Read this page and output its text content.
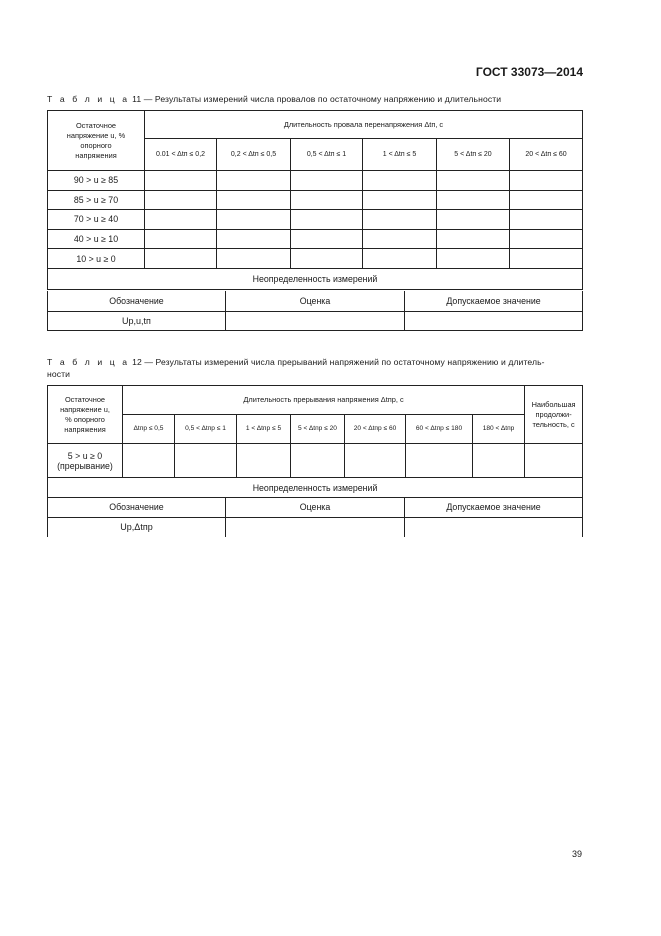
ГОСТ 33073—2014
Т а б л и ц а 11 — Результаты измерений числа провалов по остаточному напряжению и длительности
Остаточное
напряжение u, %
опорного
напряжения	Длительность провала перенапряжения Δtп, с					
	0.01 < Δtп ≤ 0,2	0,2 < Δtп ≤ 0,5	0,5 < Δtп ≤ 1	1 < Δtп ≤ 5	5 < Δtп ≤ 20	20 < Δtп ≤ 60
90 > u ≥ 85						
85 > u ≥ 70						
70 > u ≥ 40						
40 > u ≥ 10						
10 > u ≥ 0						
Неопределенность измерений						
Обозначение	Оценка	Допускаемое значение
Up,u,tп		
Т а б л и ц а 12 — Результаты измерений числа прерываний напряжений по остаточному напряжению и длитель-
ности
Остаточное
напряжение u,
% опорного
напряжения	Длительность прерывания напряжения Δtпр, с							Наибольшая
продолжи-
тельность, с
	Δtпр ≤ 0,5	0,5 < Δtпр ≤ 1	1 < Δtпр ≤ 5	5 < Δtпр ≤ 20	20 < Δtпр ≤ 60	60 < Δtпр ≤ 180	180 < Δtпр	
5 > u ≥ 0
(прерывание)								
Неопределенность измерений								
Обозначение	Оценка	Допускаемое значение
Up,Δtпр		
39
